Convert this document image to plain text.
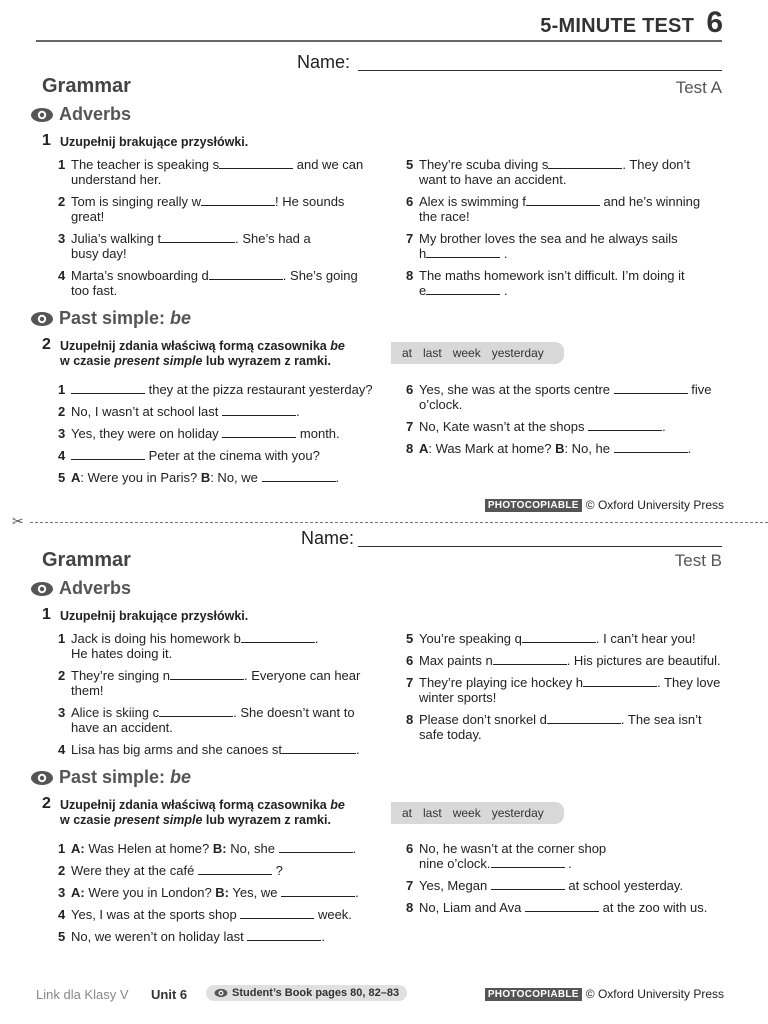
5-MINUTE TEST 6
Name:
Grammar	Test A
Adverbs
1 Uzupełnij brakujące przysłówki.
1 The teacher is speaking s	and we can
understand her.
2 Tom is singing really w	! He sounds
great!
3 Julia’s walking t	. She’s had a
busy day!
4 Marta’s snowboarding d	. She’s going
too fast.
5 They’re scuba diving s	. They don’t
want to have an accident.
6 Alex is swimming f	and he’s winning
the race!
7 My brother loves the sea and he always sails
h	.
8 The maths homework isn’t difficult. I’m doing it
e	.
Past simple: be
2 Uzupełnij zdania właściwą formą czasownika be
w czasie present simple lub wyrazem z ramki.
at last week yesterday
1	they at the pizza restaurant yesterday?
2 No, I wasn’t at school last	.
3 Yes, they were on holiday	month.
4	Peter at the cinema with you?
5 A: Were you in Paris? B: No, we	.
6 Yes, she was at the sports centre	five
o’clock.
7 No, Kate wasn’t at the shops	.
8 A: Was Mark at home? B: No, he	.
PHOTOCOPIABLE © Oxford University Press
✂
Name:
Grammar	Test B
Adverbs
1 Uzupełnij brakujące przysłówki.
1 Jack is doing his homework b	.
He hates doing it.
2 They’re singing n	. Everyone can hear
them!
3 Alice is skiing c	. She doesn’t want to
have an accident.
4 Lisa has big arms and she canoes st	.
5 You’re speaking q	. I can’t hear you!
6 Max paints n	. His pictures are beautiful.
7 They’re playing ice hockey h	. They love
winter sports!
8 Please don’t snorkel d	. The sea isn’t
safe today.
Past simple: be
2 Uzupełnij zdania właściwą formą czasownika be
w czasie present simple lub wyrazem z ramki.	at last week yesterday
1 A: Was Helen at home? B: No, she	.
2 Were they at the café	?
3 A: Were you in London? B: Yes, we	.
4 Yes, I was at the sports shop	week.
5 No, we weren’t on holiday last	.
6 No, he wasn’t at the corner shop
nine o’clock.	.
7 Yes, Megan	at school yesterday.
8 No, Liam and Ava	at the zoo with us.
Link dla Klasy V Unit 6	Student’s Book pages 80, 82–83	PHOTOCOPIABLE © Oxford University Press
